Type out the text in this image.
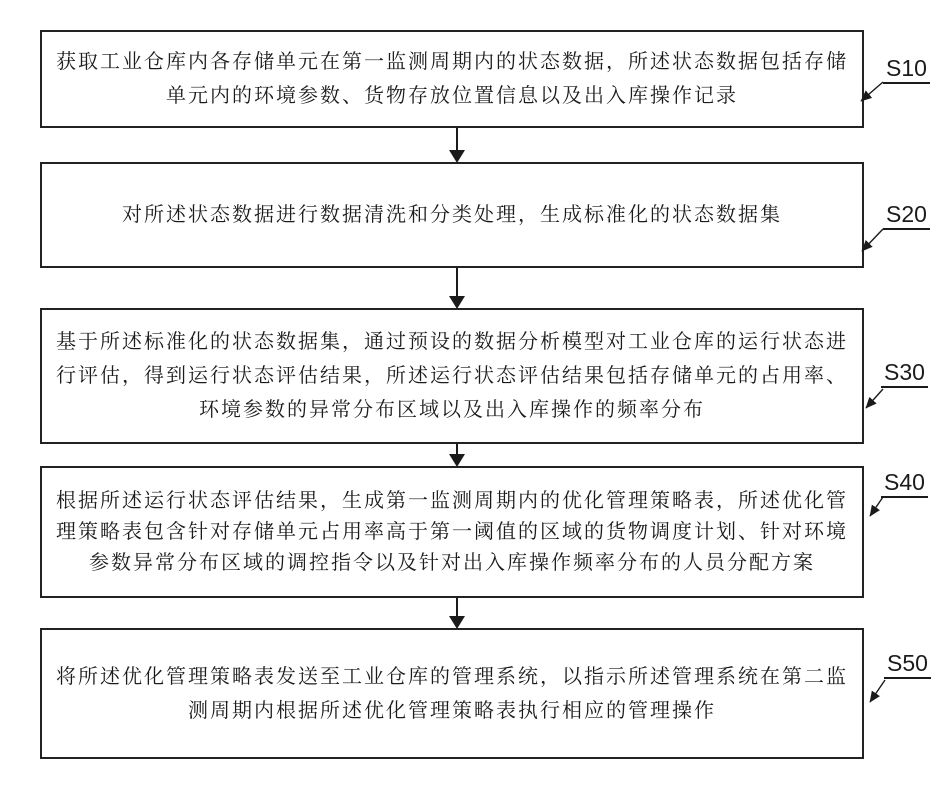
获取工业仓库内各存储单元在第一监测周期内的状态数据，所述状态数据包括存储单元内的环境参数、货物存放位置信息以及出入库操作记录

对所述状态数据进行数据清洗和分类处理，生成标准化的状态数据集

基于所述标准化的状态数据集，通过预设的数据分析模型对工业仓库的运行状态进行评估，得到运行状态评估结果，所述运行状态评估结果包括存储单元的占用率、环境参数的异常分布区域以及出入库操作的频率分布

根据所述运行状态评估结果，生成第一监测周期内的优化管理策略表，所述优化管理策略表包含针对存储单元占用率高于第一阈值的区域的货物调度计划、针对环境参数异常分布区域的调控指令以及针对出入库操作频率分布的人员分配方案

将所述优化管理策略表发送至工业仓库的管理系统，以指示所述管理系统在第二监测周期内根据所述优化管理策略表执行相应的管理操作

S10
S20
S30
S40
S50
